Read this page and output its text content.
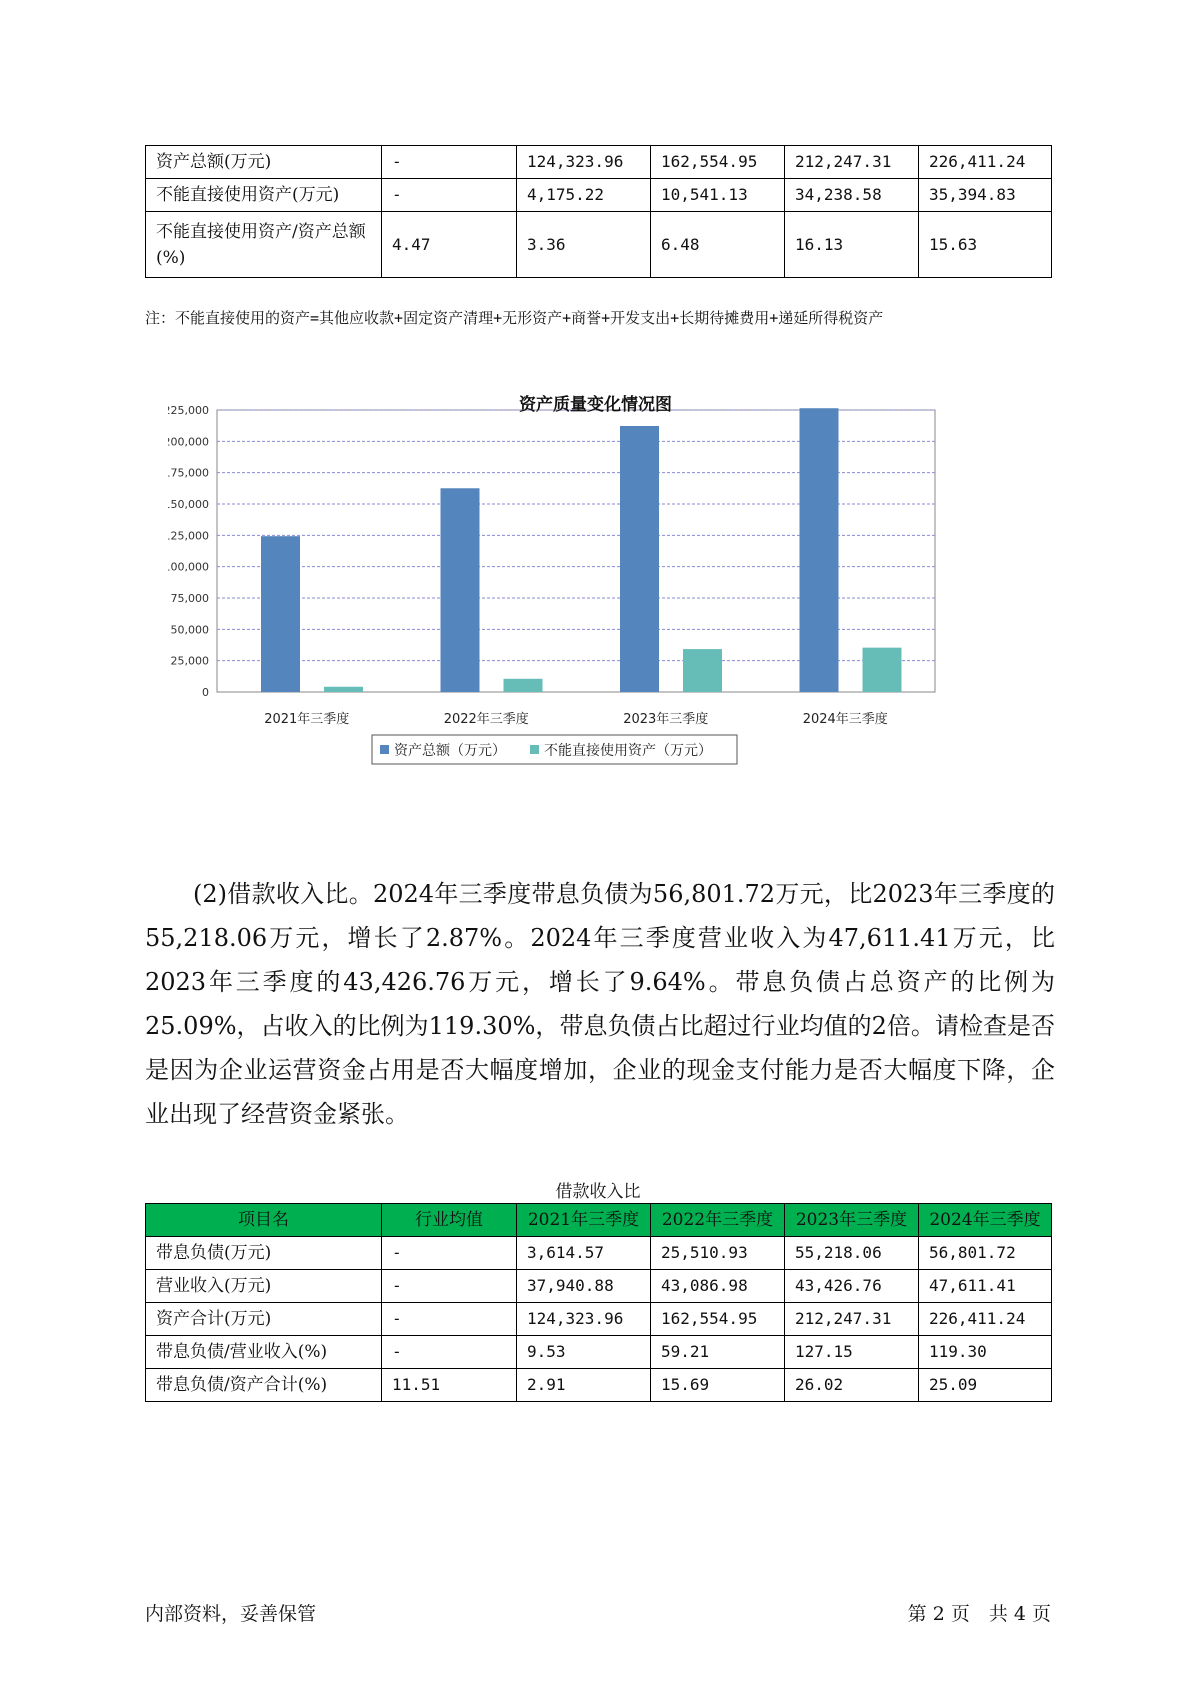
资产总额(万元)	-	124,323.96	162,554.95	212,247.31	226,411.24
不能直接使用资产(万元)	-	4,175.22	10,541.13	34,238.58	35,394.83
不能直接使用资产/资产总额(%)	4.47	3.36	6.48	16.13	15.63
注：不能直接使用的资产=其他应收款+固定资产清理+无形资产+商誉+开发支出+长期待摊费用+递延所得税资产
资产质量变化情况图
0
25,000
50,000
75,000
100,000
125,000
150,000
175,000
200,000
225,000
2021年三季度	2022年三季度	2023年三季度	2024年三季度
资产总额（万元）	不能直接使用资产（万元）

(2)借款收入比。2024年三季度带息负债为56,801.72万元，比2023年三季度的55,218.06万元，增长了2.87%。2024年三季度营业收入为47,611.41万元，比2023年三季度的43,426.76万元，增长了9.64%。带息负债占总资产的比例为25.09%，占收入的比例为119.30%，带息负债占比超过行业均值的2倍。请检查是否是因为企业运营资金占用是否大幅度增加，企业的现金支付能力是否大幅度下降，企业出现了经营资金紧张。

借款收入比
项目名	行业均值	2021年三季度	2022年三季度	2023年三季度	2024年三季度
带息负债(万元)	-	3,614.57	25,510.93	55,218.06	56,801.72
营业收入(万元)	-	37,940.88	43,086.98	43,426.76	47,611.41
资产合计(万元)	-	124,323.96	162,554.95	212,247.31	226,411.24
带息负债/营业收入(%)	-	9.53	59.21	127.15	119.30
带息负债/资产合计(%)	11.51	2.91	15.69	26.02	25.09
内部资料，妥善保管	第 2 页　共 4 页
